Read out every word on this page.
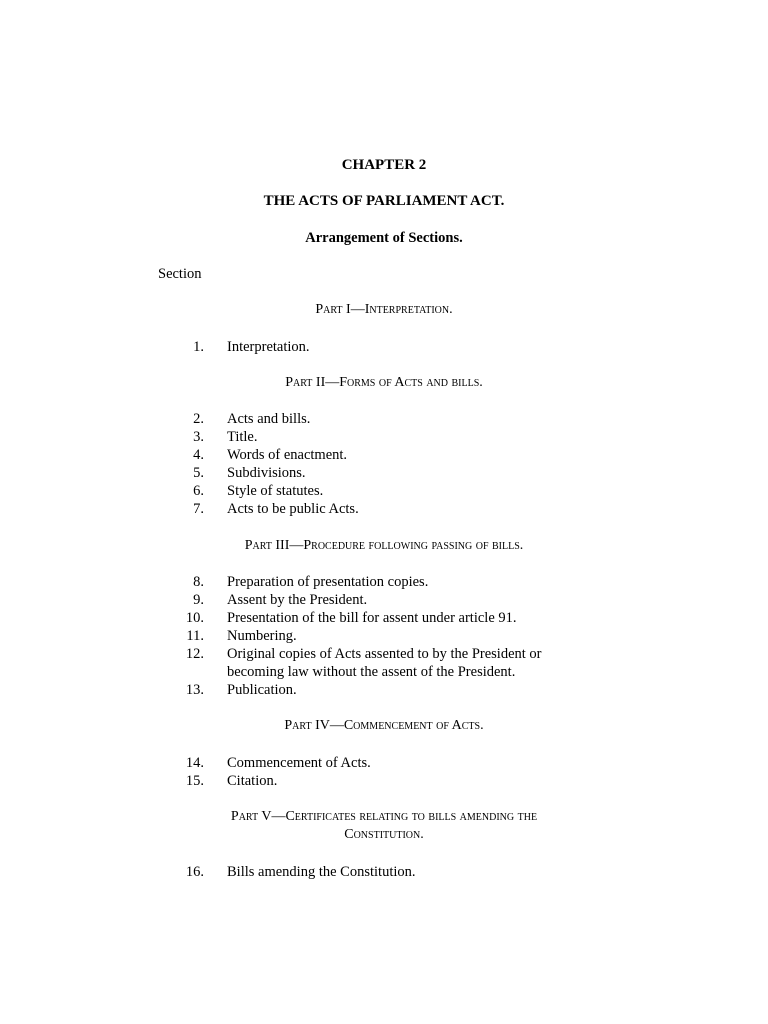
CHAPTER 2
THE ACTS OF PARLIAMENT ACT.
Arrangement of Sections.
Section
Part I—Interpretation.
1. Interpretation.
Part II—Forms of Acts and bills.
2. Acts and bills.
3. Title.
4. Words of enactment.
5. Subdivisions.
6. Style of statutes.
7. Acts to be public Acts.
Part III—Procedure following passing of bills.
8. Preparation of presentation copies.
9. Assent by the President.
10. Presentation of the bill for assent under article 91.
11. Numbering.
12. Original copies of Acts assented to by the President or
becoming law without the assent of the President.
13. Publication.
Part IV—Commencement of Acts.
14. Commencement of Acts.
15. Citation.
Part V—Certificates relating to bills amending the
Constitution.
16. Bills amending the Constitution.
